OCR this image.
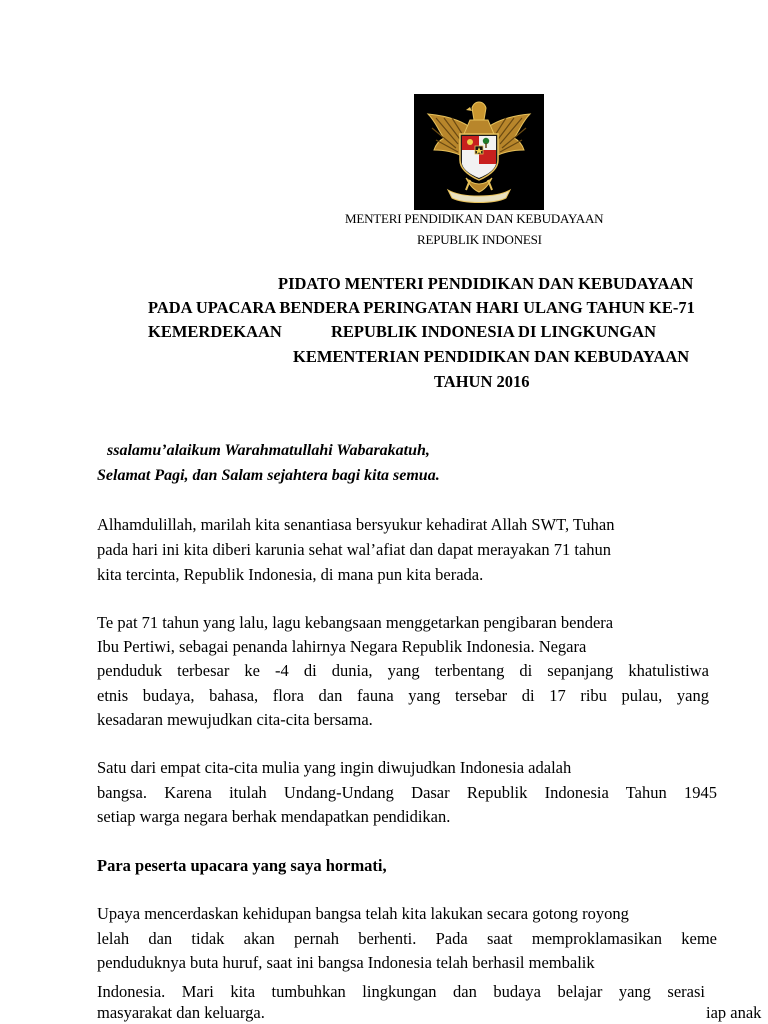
MENTERI PENDIDIKAN DAN KEBUDAYAAN
REPUBLIK INDONESI
PIDATO MENTERI PENDIDIKAN DAN KEBUDAYAAN
PADA UPACARA BENDERA PERINGATAN HARI ULANG TAHUN KE-71
KEMERDEKAAN	REPUBLIK INDONESIA DI LINGKUNGAN
KEMENTERIAN PENDIDIKAN DAN KEBUDAYAAN
TAHUN 2016
ssalamu’alaikum Warahmatullahi Wabarakatuh,
Selamat Pagi, dan Salam sejahtera bagi kita semua.
Alhamdulillah, marilah kita senantiasa bersyukur kehadirat Allah SWT, Tuhan
pada hari ini kita diberi karunia sehat wal’afiat dan dapat merayakan 71 tahun
kita tercinta, Republik Indonesia, di mana pun kita berada.
Te pat 71 tahun yang lalu, lagu kebangsaan menggetarkan pengibaran bendera
Ibu Pertiwi, sebagai penanda lahirnya Negara Republik Indonesia. Negara
penduduk terbesar ke -4 di dunia, yang terbentang di sepanjang khatulistiwa
etnis budaya, bahasa, flora dan fauna yang tersebar di 17 ribu pulau, yang
kesadaran mewujudkan cita-cita bersama.
Satu dari empat cita-cita mulia yang ingin diwujudkan Indonesia adalah
bangsa. Karena itulah Undang-Undang Dasar Republik Indonesia Tahun 1945
setiap warga negara berhak mendapatkan pendidikan.
Para peserta upacara yang saya hormati,
Upaya mencerdaskan kehidupan bangsa telah kita lakukan secara gotong royong
lelah dan tidak akan pernah berhenti. Pada saat memproklamasikan keme
penduduknya buta huruf, saat ini bangsa Indonesia telah berhasil membalik
Indonesia. Mari kita tumbuhkan lingkungan dan budaya belajar yang serasi
masyarakat dan keluarga.	iap anak
